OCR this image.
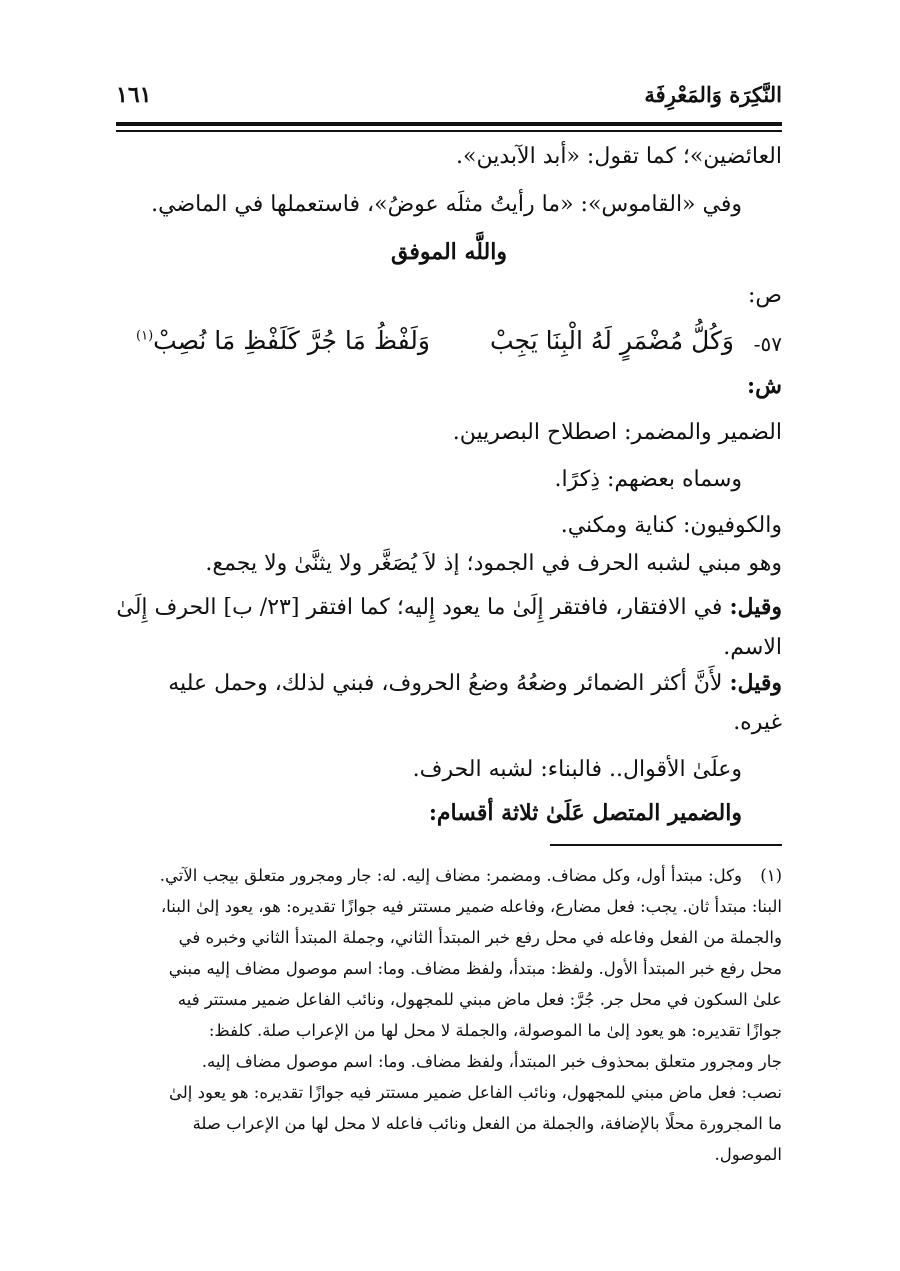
النَّكِرَة وَالمَعْرِفَة
١٦١
العائضين»؛ كما تقول: «أبد الآبدين».
وفي «القاموس»: «ما رأيتُ مثلَه عوضُ»، فاستعملها في الماضي.
واللَّه الموفق
ص:
٥٧-
وَكُلُّ مُضْمَرٍ لَهُ الْبِنَا يَجِبْ
وَلَفْظُ مَا جُرَّ كَلَفْظِ مَا نُصِبْ$^{(١)}$
ش:
الضمير والمضمر: اصطلاح البصريين.
وسماه بعضهم: ذِكرًا.
والكوفيون: كناية ومكني.
وهو مبني لشبه الحرف في الجمود؛ إذ لاَ يُصَغَّر ولا يثنَّىٰ ولا يجمع.
وقيل: في الافتقار، فافتقر إِلَىٰ ما يعود إِليه؛ كما افتقر [٢٣/ ب] الحرف إِلَىٰ
الاسم.
وقيل: لأَنَّ أكثر الضمائر وضعُهُ وضعُ الحروف، فبني لذلك، وحمل عليه
غيره.
وعلَىٰ الأقوال.. فالبناء: لشبه الحرف.
والضمير المتصل عَلَىٰ ثلاثة أقسام:
(١)
وكل: مبتدأ أول، وكل مضاف. ومضمر: مضاف إليه. له: جار ومجرور متعلق بيجب الآتي.
البنا: مبتدأ ثان. يجب: فعل مضارع، وفاعله ضمير مستتر فيه جوازًا تقديره: هو، يعود إلىٰ البنا،
والجملة من الفعل وفاعله في محل رفع خبر المبتدأ الثاني، وجملة المبتدأ الثاني وخبره في
محل رفع خبر المبتدأ الأول. ولفظ: مبتدأ، ولفظ مضاف. وما: اسم موصول مضاف إليه مبني
علىٰ السكون في محل جر. جُرَّ: فعل ماض مبني للمجهول، ونائب الفاعل ضمير مستتر فيه
جوازًا تقديره: هو يعود إلىٰ ما الموصولة، والجملة لا محل لها من الإعراب صلة. كلفظ:
جار ومجرور متعلق بمحذوف خبر المبتدأ، ولفظ مضاف. وما: اسم موصول مضاف إليه.
نصب: فعل ماض مبني للمجهول، ونائب الفاعل ضمير مستتر فيه جوازًا تقديره: هو يعود إلىٰ
ما المجرورة محلًا بالإضافة، والجملة من الفعل ونائب فاعله لا محل لها من الإعراب صلة
الموصول.
